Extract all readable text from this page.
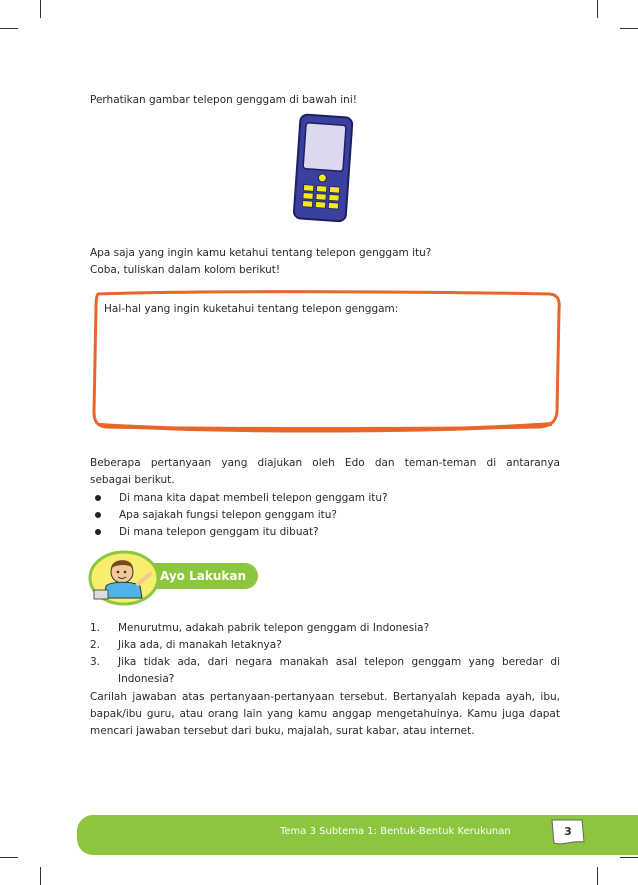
Perhatikan gambar telepon genggam di bawah ini!

Apa saja yang ingin kamu ketahui tentang telepon genggam itu?

Coba, tuliskan dalam kolom berikut!

Hal-hal yang ingin kuketahui tentang telepon genggam:

Beberapa pertanyaan yang diajukan oleh Edo dan teman-teman di antaranya
sebagai berikut.

Di mana kita dapat membeli telepon genggam itu?
Apa sajakah fungsi telepon genggam itu?
Di mana telepon genggam itu dibuat?
Ayo Lakukan
1. Menurutmu, adakah pabrik telepon genggam di Indonesia?
2. Jika ada, di manakah letaknya?
3. Jika tidak ada, dari negara manakah asal telepon genggam yang beredar di Indonesia?

Carilah jawaban atas pertanyaan-pertanyaan tersebut. Bertanyalah kepada ayah, ibu, bapak/ibu guru, atau orang lain yang kamu anggap mengetahuinya. Kamu juga dapat mencari jawaban tersebut dari buku, majalah, surat kabar, atau internet.

Tema 3 Subtema 1: Bentuk-Bentuk Kerukunan	3
